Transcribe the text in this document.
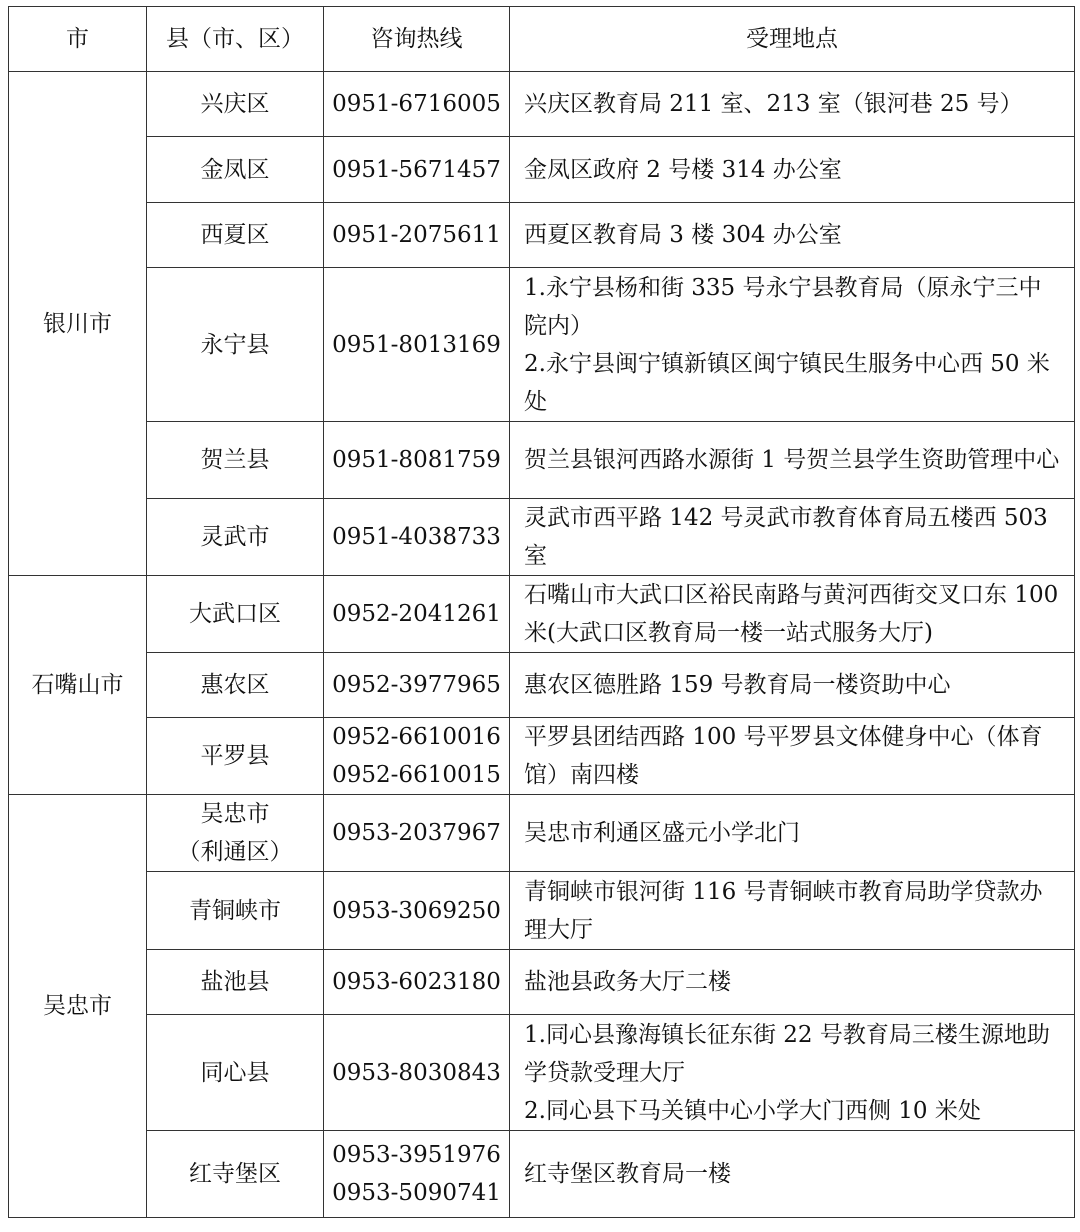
市	县（市、区）	咨询热线	受理地点
银川市	兴庆区	0951-6716005	兴庆区教育局 211 室、213 室（银河巷 25 号）

	金凤区	0951-5671457	金凤区政府 2 号楼 314 办公室

	西夏区	0951-2075611	西夏区教育局 3 楼 304 办公室

	永宁县	0951-8013169	1.永宁县杨和街 335 号永宁县教育局（原永宁三中院内）
2.永宁县闽宁镇新镇区闽宁镇民生服务中心西 50 米处

	贺兰县	0951-8081759	贺兰县银河西路水源街 1 号贺兰县学生资助管理中心

	灵武市	0951-4038733	灵武市西平路 142 号灵武市教育体育局五楼西 503 室

石嘴山市	大武口区	0952-2041261	石嘴山市大武口区裕民南路与黄河西街交叉口东 100 米(大武口区教育局一楼一站式服务大厅)

	惠农区	0952-3977965	惠农区德胜路 159 号教育局一楼资助中心

	平罗县	0952-6610016
0952-6610015	平罗县团结西路 100 号平罗县文体健身中心（体育馆）南四楼

吴忠市	吴忠市
（利通区）	0953-2037967	吴忠市利通区盛元小学北门

	青铜峡市	0953-3069250	青铜峡市银河街 116 号青铜峡市教育局助学贷款办理大厅

	盐池县	0953-6023180	盐池县政务大厅二楼

	同心县	0953-8030843	1.同心县豫海镇长征东街 22 号教育局三楼生源地助学贷款受理大厅
2.同心县下马关镇中心小学大门西侧 10 米处

	红寺堡区	0953-3951976
0953-5090741	红寺堡区教育局一楼
